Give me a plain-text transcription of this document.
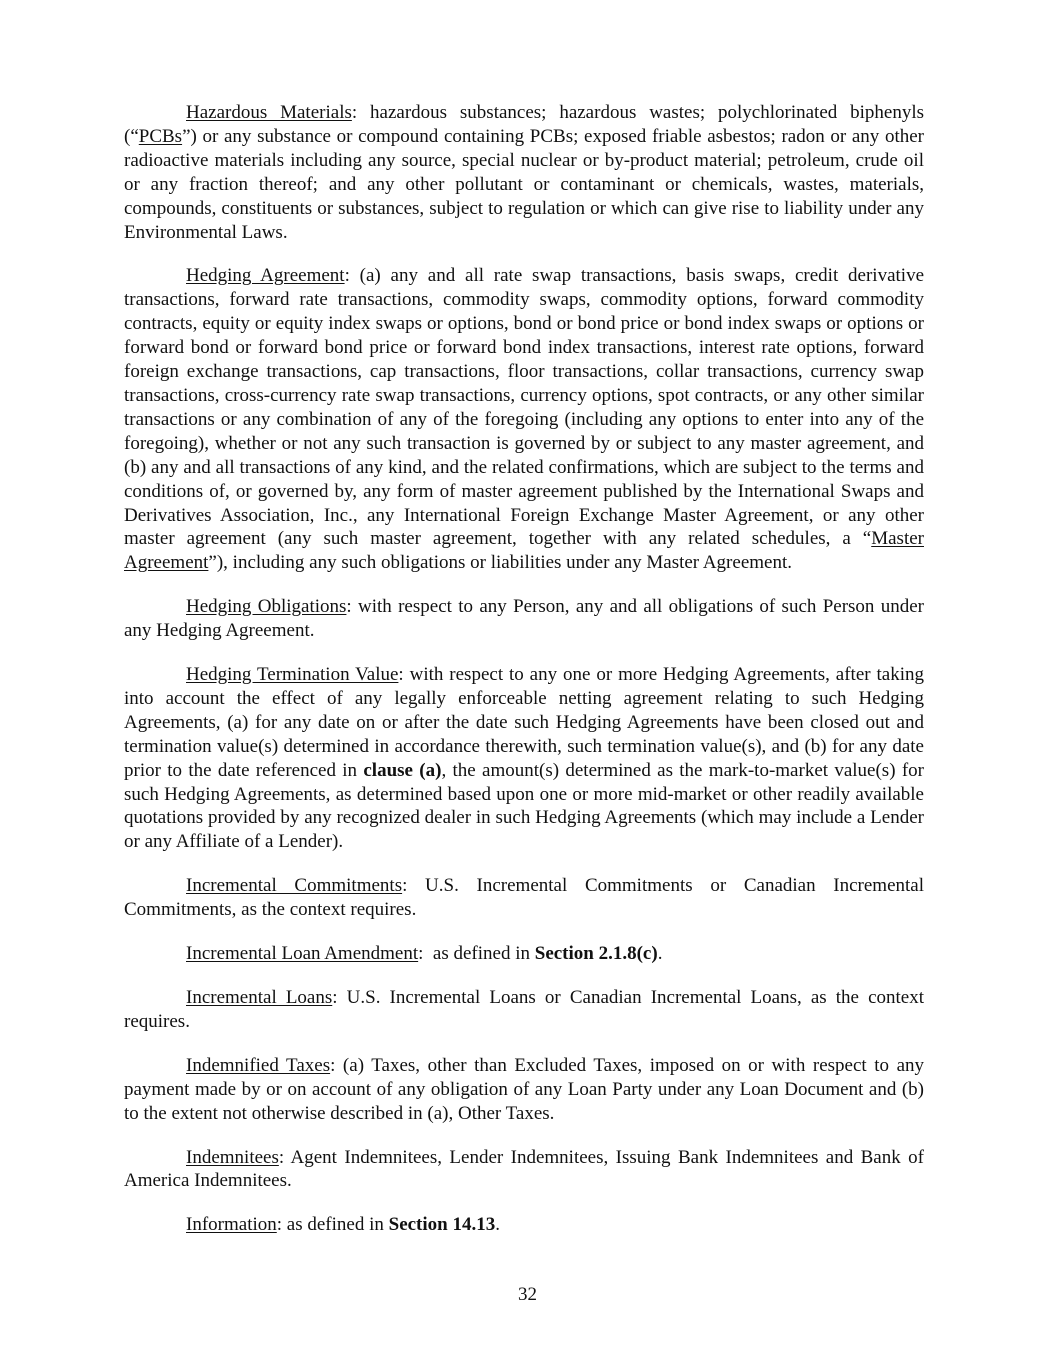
Hazardous Materials: hazardous substances; hazardous wastes; polychlorinated biphenyls (“PCBs”) or any substance or compound containing PCBs; exposed friable asbestos; radon or any other radioactive materials including any source, special nuclear or by-product material; petroleum, crude oil or any fraction thereof; and any other pollutant or contaminant or chemicals, wastes, materials, compounds, constituents or substances, subject to regulation or which can give rise to liability under any Environmental Laws.

Hedging Agreement: (a) any and all rate swap transactions, basis swaps, credit derivative transactions, forward rate transactions, commodity swaps, commodity options, forward commodity contracts, equity or equity index swaps or options, bond or bond price or bond index swaps or options or forward bond or forward bond price or forward bond index transactions, interest rate options, forward foreign exchange transactions, cap transactions, floor transactions, collar transactions, currency swap transactions, cross-currency rate swap transactions, currency options, spot contracts, or any other similar transactions or any combination of any of the foregoing (including any options to enter into any of the foregoing), whether or not any such transaction is governed by or subject to any master agreement, and (b) any and all transactions of any kind, and the related confirmations, which are subject to the terms and conditions of, or governed by, any form of master agreement published by the International Swaps and Derivatives Association, Inc., any International Foreign Exchange Master Agreement, or any other master agreement (any such master agreement, together with any related schedules, a “Master Agreement”), including any such obligations or liabilities under any Master Agreement.

Hedging Obligations: with respect to any Person, any and all obligations of such Person under any Hedging Agreement.

Hedging Termination Value: with respect to any one or more Hedging Agreements, after taking into account the effect of any legally enforceable netting agreement relating to such Hedging Agreements, (a) for any date on or after the date such Hedging Agreements have been closed out and termination value(s) determined in accordance therewith, such termination value(s), and (b) for any date prior to the date referenced in clause (a), the amount(s) determined as the mark-to-market value(s) for such Hedging Agreements, as determined based upon one or more mid-market or other readily available quotations provided by any recognized dealer in such Hedging Agreements (which may include a Lender or any Affiliate of a Lender).

Incremental Commitments: U.S. Incremental Commitments or Canadian Incremental Commitments, as the context requires.

Incremental Loan Amendment:  as defined in Section 2.1.8(c).

Incremental Loans: U.S. Incremental Loans or Canadian Incremental Loans, as the context requires.

Indemnified Taxes: (a) Taxes, other than Excluded Taxes, imposed on or with respect to any payment made by or on account of any obligation of any Loan Party under any Loan Document and (b) to the extent not otherwise described in (a), Other Taxes.

Indemnitees: Agent Indemnitees, Lender Indemnitees, Issuing Bank Indemnitees and Bank of America Indemnitees.

Information: as defined in Section 14.13.

32
